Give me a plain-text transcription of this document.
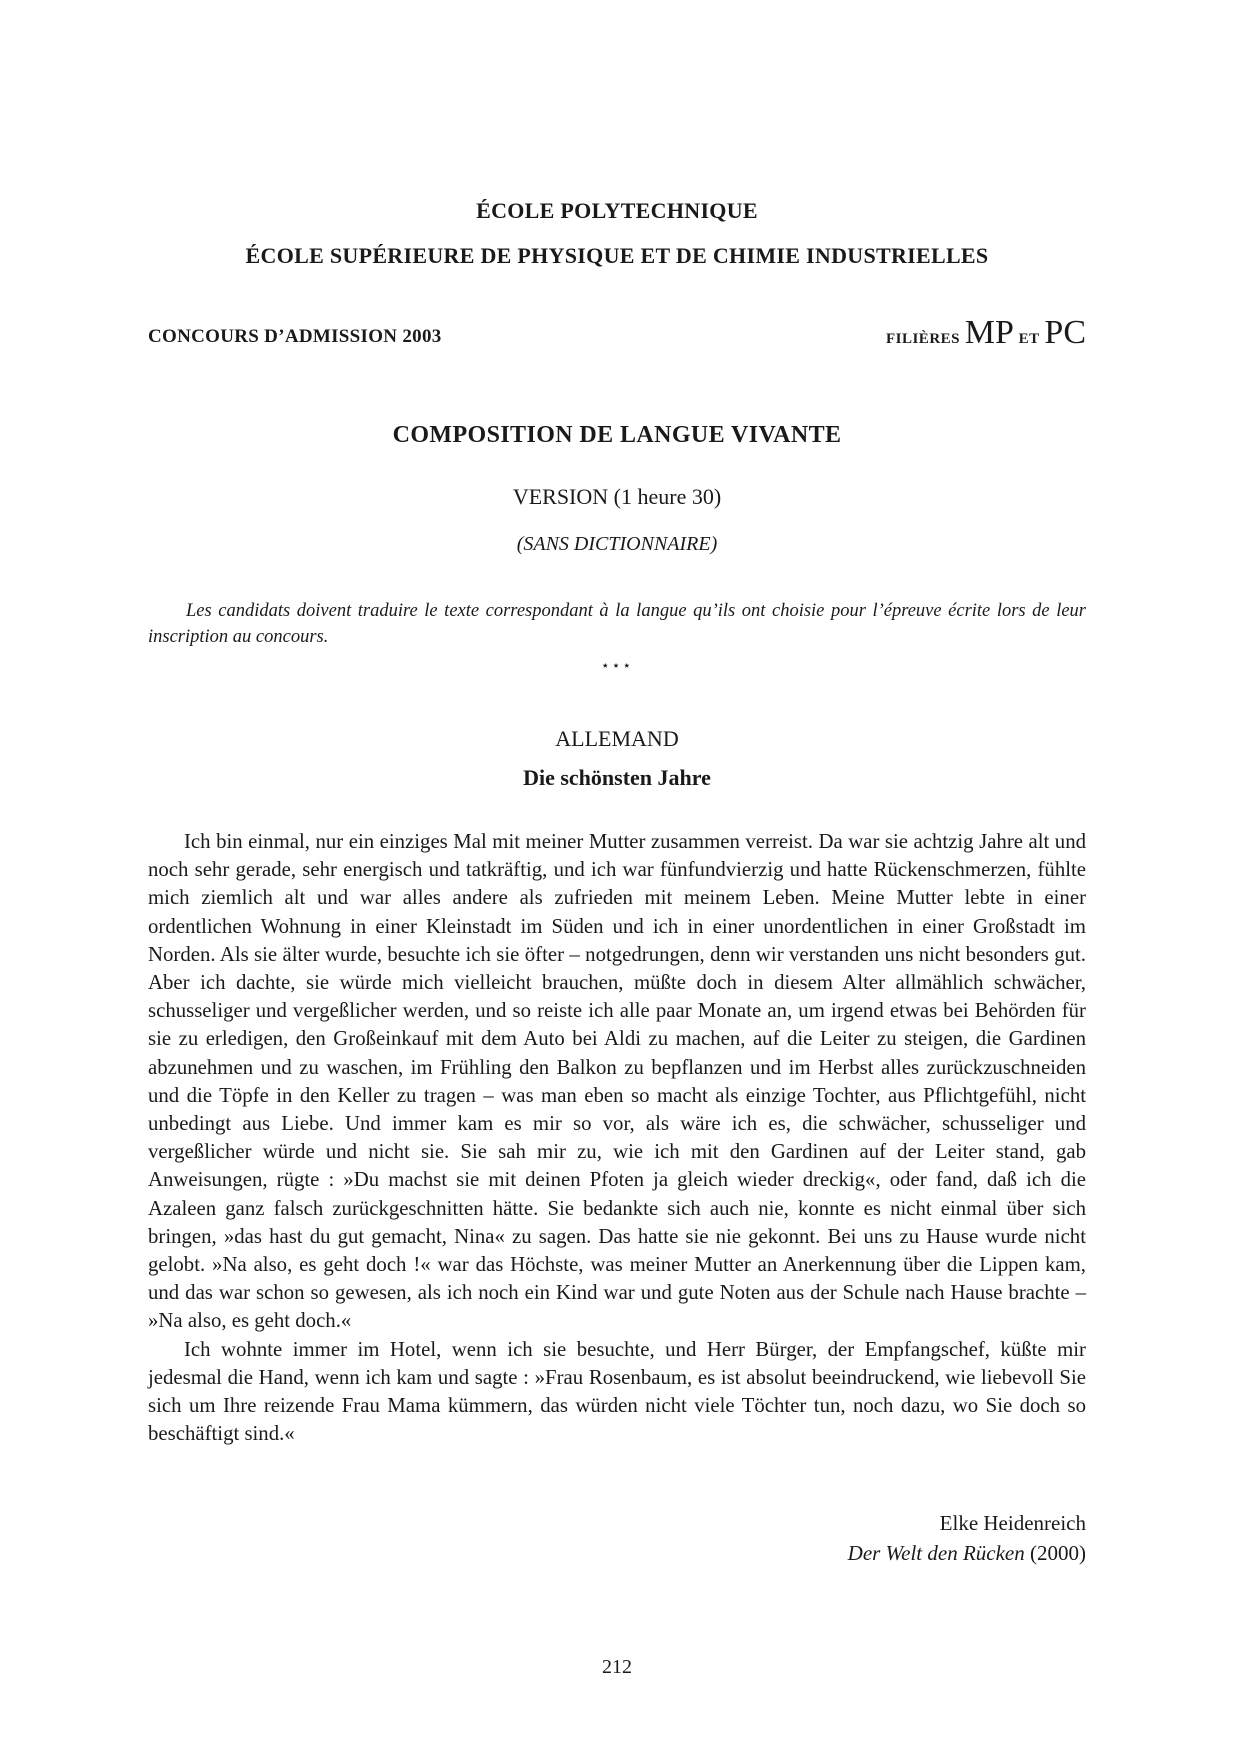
ÉCOLE POLYTECHNIQUE
ÉCOLE SUPÉRIEURE DE PHYSIQUE ET DE CHIMIE INDUSTRIELLES
CONCOURS D’ADMISSION 2003	filières MP et PC
COMPOSITION DE LANGUE VIVANTE
VERSION (1 heure 30)
(SANS DICTIONNAIRE)
Les candidats doivent traduire le texte correspondant à la langue qu’ils ont choisie pour l’épreuve écrite lors de leur inscription au concours.
⋆⋆⋆
ALLEMAND
Die schönsten Jahre

Ich bin einmal, nur ein einziges Mal mit meiner Mutter zusammen verreist. Da war sie achtzig Jahre alt und noch sehr gerade, sehr energisch und tatkräftig, und ich war fünfundvierzig und hatte Rückenschmerzen, fühlte mich ziemlich alt und war alles andere als zufrieden mit meinem Leben. Meine Mutter lebte in einer ordentlichen Wohnung in einer Kleinstadt im Süden und ich in einer unordentlichen in einer Großstadt im Norden. Als sie älter wurde, besuchte ich sie öfter – notgedrungen, denn wir verstanden uns nicht besonders gut. Aber ich dachte, sie würde mich vielleicht brauchen, müßte doch in diesem Alter allmählich schwächer, schusseliger und vergeßlicher werden, und so reiste ich alle paar Monate an, um irgend etwas bei Behörden für sie zu erledigen, den Großeinkauf mit dem Auto bei Aldi zu machen, auf die Leiter zu steigen, die Gardinen abzunehmen und zu waschen, im Frühling den Balkon zu bepflanzen und im Herbst alles zurückzuschneiden und die Töpfe in den Keller zu tragen – was man eben so macht als einzige Tochter, aus Pflichtgefühl, nicht unbedingt aus Liebe. Und immer kam es mir so vor, als wäre ich es, die schwächer, schusseliger und vergeßlicher würde und nicht sie. Sie sah mir zu, wie ich mit den Gardinen auf der Leiter stand, gab Anweisungen, rügte : »Du machst sie mit deinen Pfoten ja gleich wieder dreckig«, oder fand, daß ich die Azaleen ganz falsch zurückgeschnitten hätte. Sie bedankte sich auch nie, konnte es nicht einmal über sich bringen, »das hast du gut gemacht, Nina« zu sagen. Das hatte sie nie gekonnt. Bei uns zu Hause wurde nicht gelobt. »Na also, es geht doch !« war das Höchste, was meiner Mutter an Anerkennung über die Lippen kam, und das war schon so gewesen, als ich noch ein Kind war und gute Noten aus der Schule nach Hause brachte – »Na also, es geht doch.«

Ich wohnte immer im Hotel, wenn ich sie besuchte, und Herr Bürger, der Empfangschef, küßte mir jedesmal die Hand, wenn ich kam und sagte : »Frau Rosenbaum, es ist absolut beeindruckend, wie liebevoll Sie sich um Ihre reizende Frau Mama kümmern, das würden nicht viele Töchter tun, noch dazu, wo Sie doch so beschäftigt sind.«

Elke Heidenreich
Der Welt den Rücken (2000)
212
